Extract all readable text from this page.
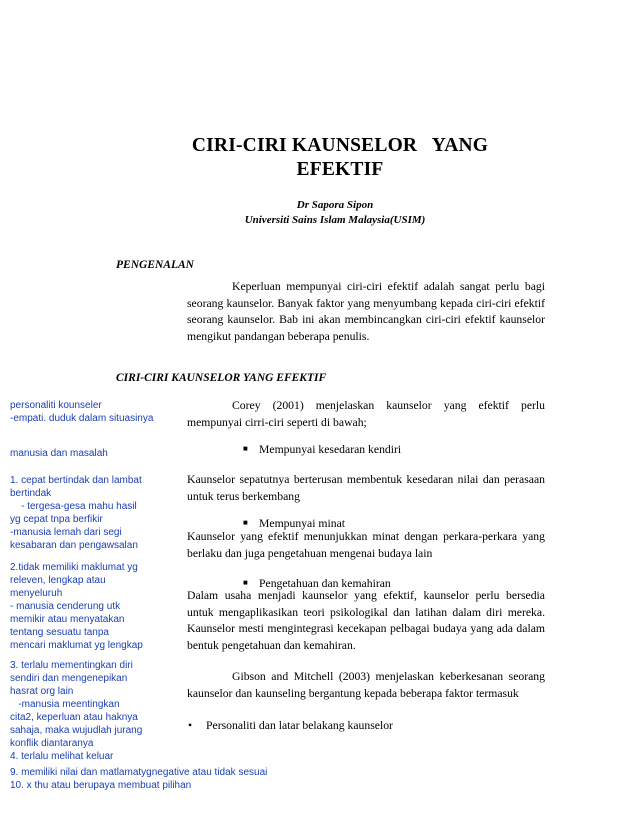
CIRI-CIRI KAUNSELOR   YANG
EFEKTIF
Dr Sapora Sipon
Universiti Sains Islam Malaysia(USIM)
PENGENALAN
Keperluan mempunyai ciri-ciri efektif adalah sangat perlu bagi seorang kaunselor. Banyak faktor yang menyumbang kepada ciri-ciri efektif seorang kaunselor. Bab ini akan membincangkan ciri-ciri efektif kaunselor mengikut pandangan beberapa penulis.
CIRI-CIRI KAUNSELOR YANG EFEKTIF
Corey (2001) menjelaskan kaunselor yang efektif perlu mempunyai cirri-ciri seperti di bawah;
■ Mempunyai kesedaran kendiri
Kaunselor sepatutnya berterusan membentuk kesedaran nilai dan perasaan untuk terus berkembang
■ Mempunyai minat
Kaunselor yang efektif menunjukkan minat dengan perkara-perkara yang berlaku dan juga pengetahuan mengenai budaya lain
■ Pengetahuan dan kemahiran
Dalam usaha menjadi kaunselor yang efektif, kaunselor perlu bersedia untuk mengaplikasikan teori psikologikal dan latihan dalam diri mereka. Kaunselor mesti mengintegrasi kecekapan pelbagai budaya yang ada dalam bentuk pengetahuan dan kemahiran.
Gibson and Mitchell (2003) menjelaskan keberkesanan seorang kaunselor dan kaunseling bergantung kepada beberapa faktor termasuk
• Personaliti dan latar belakang kaunselor
personaliti kounseler
-empati. duduk dalam situasinya
manusia dan masalah
1. cepat bertindak dan lambat
bertindak
- tergesa-gesa mahu hasil
yg cepat tnpa berfikir
-manusia lemah dari segi
kesabaran dan pengawsalan
2.tidak memiliki maklumat yg
releven, lengkap atau
menyeluruh
- manusia cenderung utk
memikir atau menyatakan
tentang sesuatu tanpa
mencari maklumat yg lengkap
3. terlalu mementingkan diri
sendiri dan mengenepikan
hasrat org lain
-manusia meentingkan
cita2, keperluan atau haknya
sahaja, maka wujudlah jurang
konflik diantaranya
4. terlalu melihat keluar
9. memiliki nilai dan matlamatygnegative atau tidak sesuai
10. x thu atau berupaya membuat pilihan
